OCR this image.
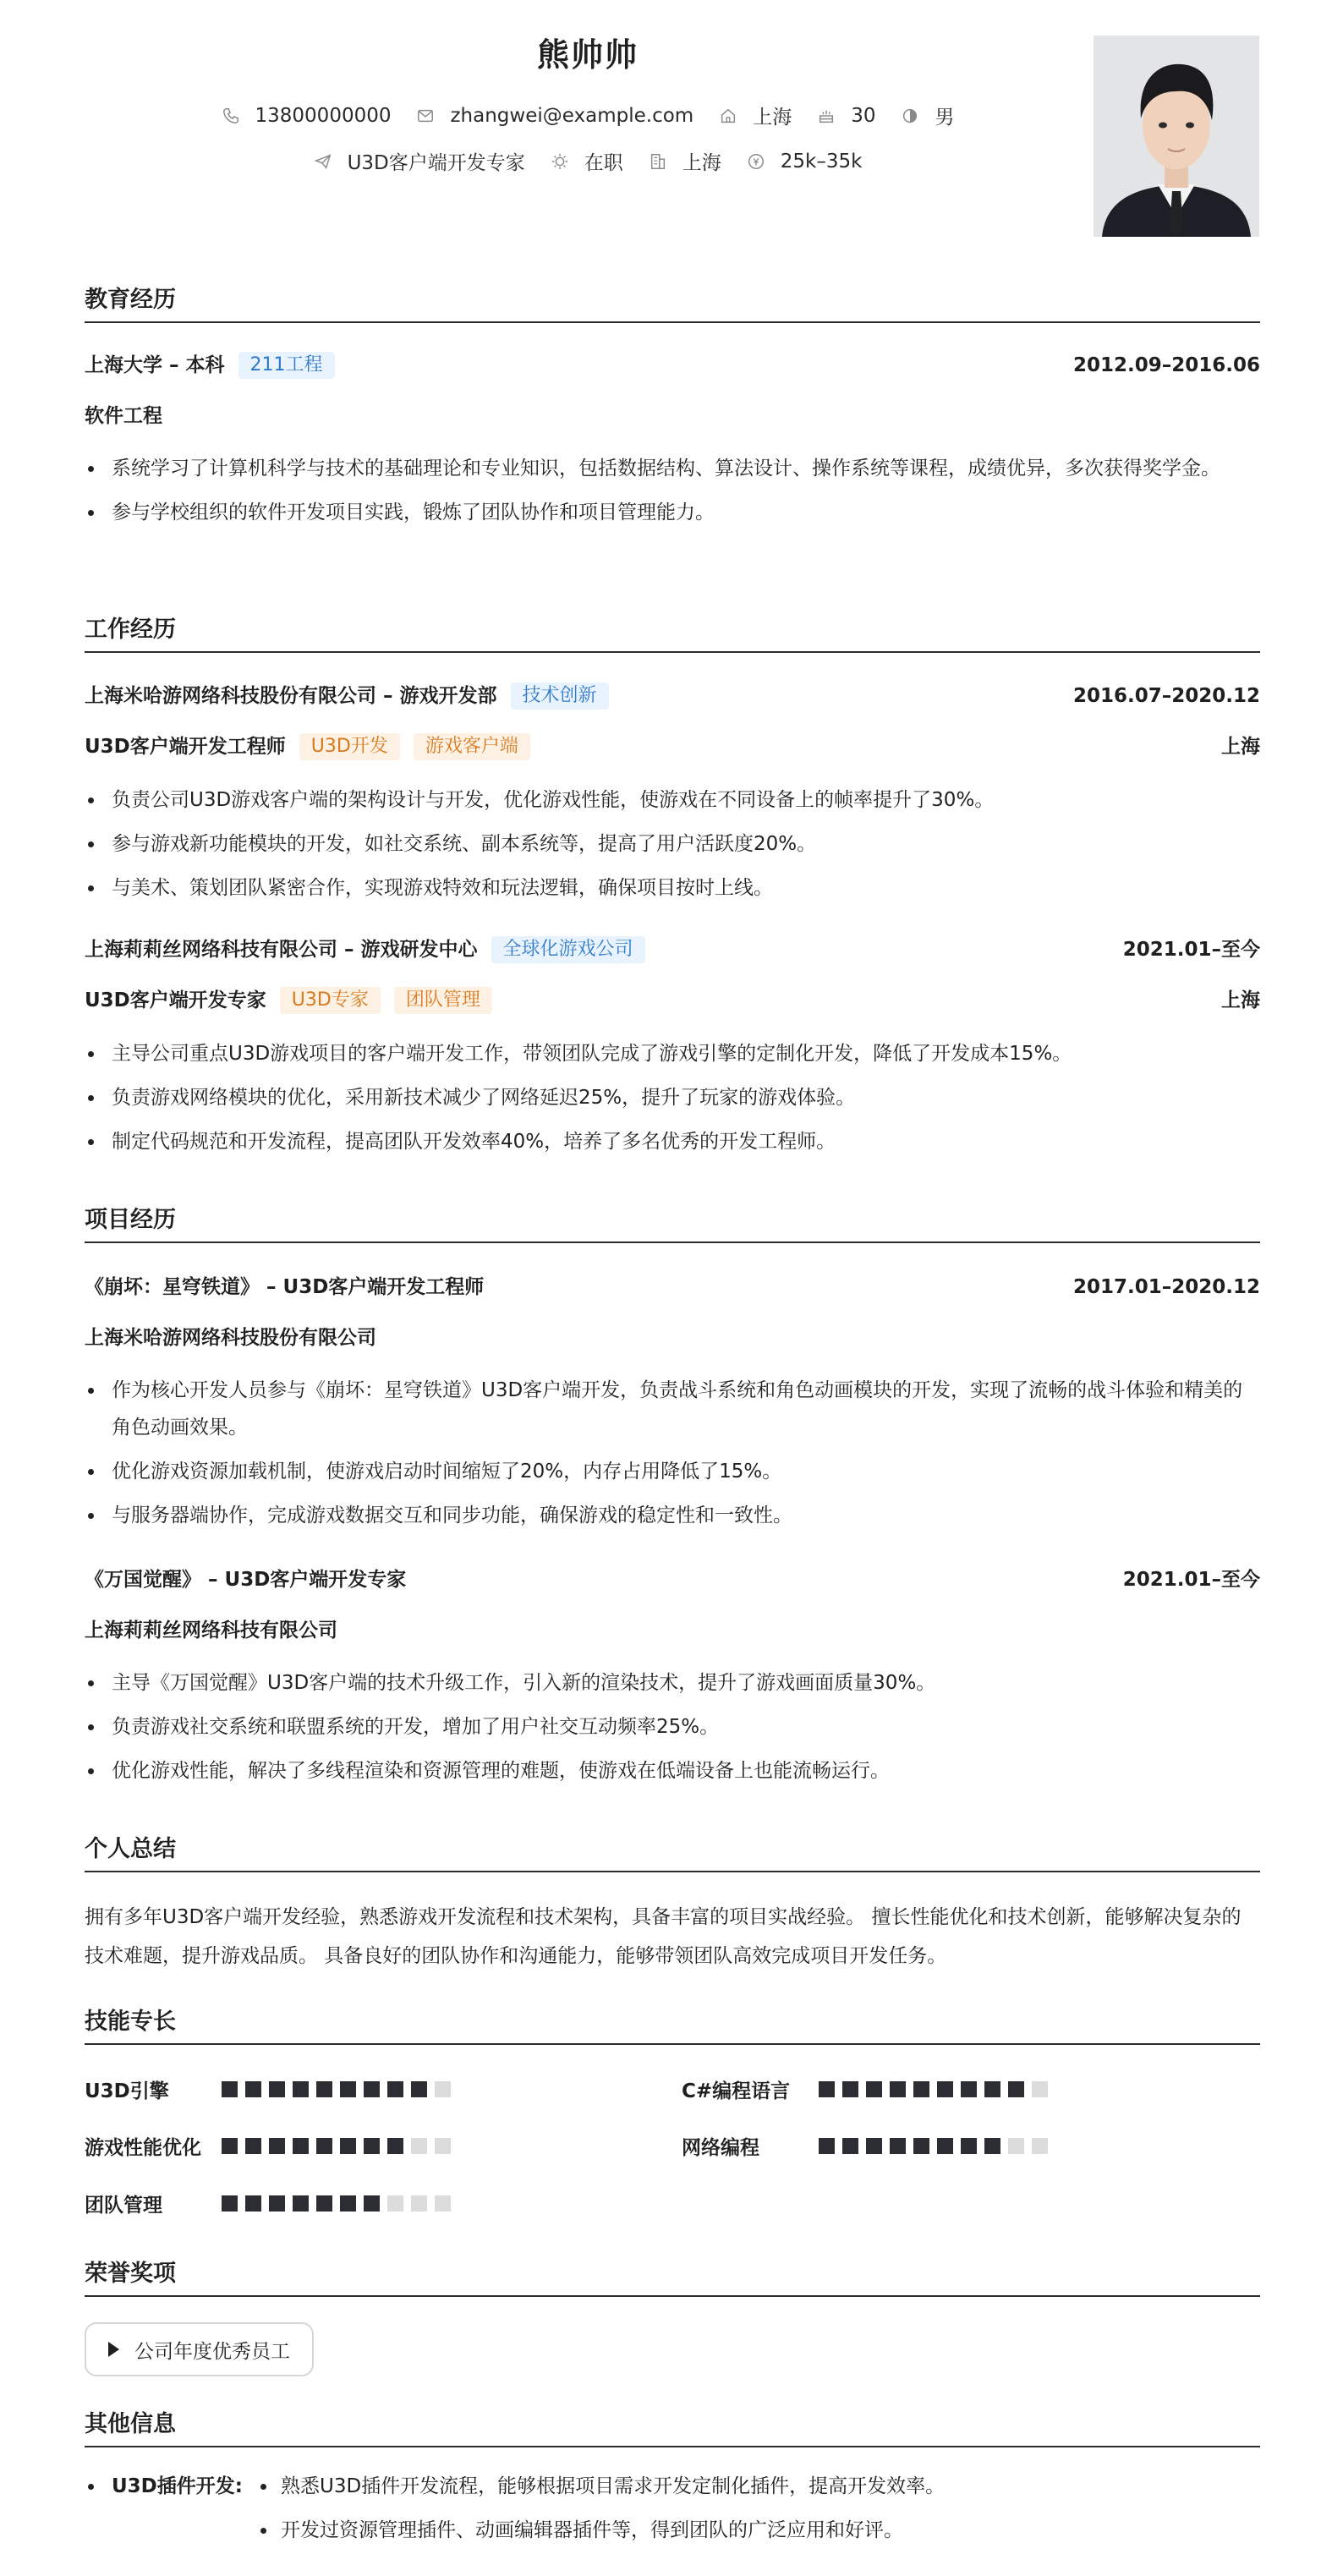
熊帅帅
13800000000	zhangwei@example.com	上海	30	男
U3D客户端开发专家	在职	上海	25k–35k
教育经历
上海大学 – 本科	211工程	2012.09–2016.06
软件工程
系统学习了计算机科学与技术的基础理论和专业知识，包括数据结构、算法设计、操作系统等课程，成绩优异，多次获得奖学金。
参与学校组织的软件开发项目实践，锻炼了团队协作和项目管理能力。
工作经历
上海米哈游网络科技股份有限公司 – 游戏开发部	技术创新	2016.07–2020.12
U3D客户端开发工程师	U3D开发	游戏客户端	上海
负责公司U3D游戏客户端的架构设计与开发，优化游戏性能，使游戏在不同设备上的帧率提升了30%。
参与游戏新功能模块的开发，如社交系统、副本系统等，提高了用户活跃度20%。
与美术、策划团队紧密合作，实现游戏特效和玩法逻辑，确保项目按时上线。
上海莉莉丝网络科技有限公司 – 游戏研发中心	全球化游戏公司	2021.01–至今
U3D客户端开发专家	U3D专家	团队管理	上海
主导公司重点U3D游戏项目的客户端开发工作，带领团队完成了游戏引擎的定制化开发，降低了开发成本15%。
负责游戏网络模块的优化，采用新技术减少了网络延迟25%，提升了玩家的游戏体验。
制定代码规范和开发流程，提高团队开发效率40%，培养了多名优秀的开发工程师。
项目经历
《崩坏：星穹铁道》 – U3D客户端开发工程师	2017.01–2020.12
上海米哈游网络科技股份有限公司
作为核心开发人员参与《崩坏：星穹铁道》U3D客户端开发，负责战斗系统和角色动画模块的开发，实现了流畅的战斗体验和精美的角色动画效果。
优化游戏资源加载机制，使游戏启动时间缩短了20%，内存占用降低了15%。
与服务器端协作，完成游戏数据交互和同步功能，确保游戏的稳定性和一致性。
《万国觉醒》 – U3D客户端开发专家	2021.01–至今
上海莉莉丝网络科技有限公司
主导《万国觉醒》U3D客户端的技术升级工作，引入新的渲染技术，提升了游戏画面质量30%。
负责游戏社交系统和联盟系统的开发，增加了用户社交互动频率25%。
优化游戏性能，解决了多线程渲染和资源管理的难题，使游戏在低端设备上也能流畅运行。
个人总结
拥有多年U3D客户端开发经验，熟悉游戏开发流程和技术架构，具备丰富的项目实战经验。 擅长性能优化和技术创新，能够解决复杂的技术难题，提升游戏品质。 具备良好的团队协作和沟通能力，能够带领团队高效完成项目开发任务。
技能专长
U3D引擎	C#编程语言
游戏性能优化	网络编程
团队管理
荣誉奖项
公司年度优秀员工
其他信息
U3D插件开发: 熟悉U3D插件开发流程，能够根据项目需求开发定制化插件，提高开发效率。
开发过资源管理插件、动画编辑器插件等，得到团队的广泛应用和好评。
